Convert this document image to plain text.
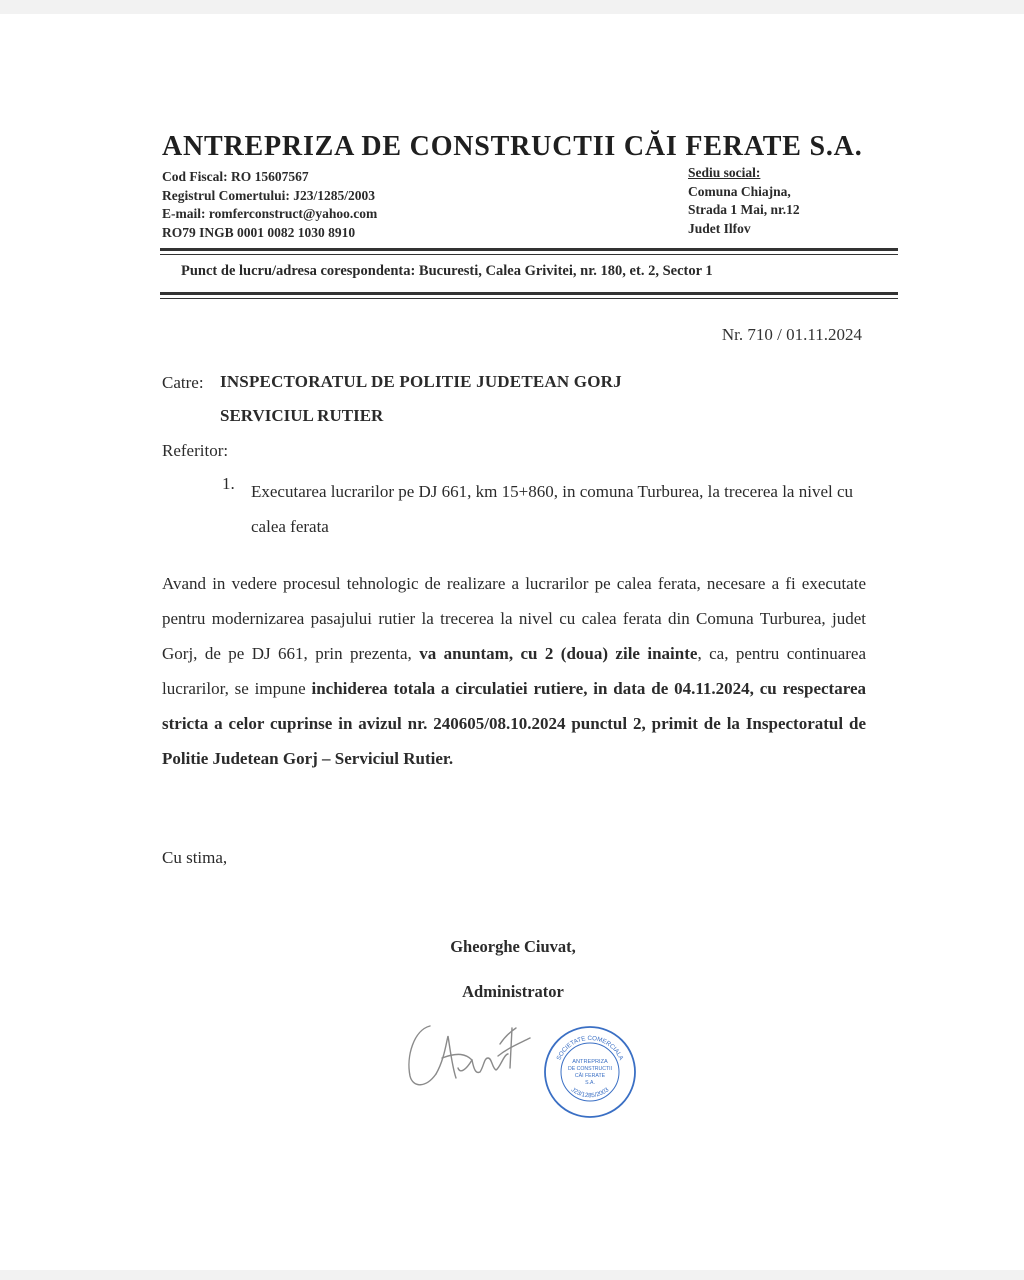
ANTREPRIZA DE CONSTRUCTII CĂI FERATE S.A.
Cod Fiscal: RO 15607567
Registrul Comertului: J23/1285/2003
E-mail: romferconstruct@yahoo.com
RO79 INGB 0001 0082 1030 8910
Sediu social:
Comuna Chiajna,
Strada 1 Mai, nr.12
Judet Ilfov
Punct de lucru/adresa corespondenta: Bucuresti, Calea Grivitei, nr. 180, et. 2, Sector 1
Nr. 710 / 01.11.2024
Catre: INSPECTORATUL DE POLITIE JUDETEAN GORJ
SERVICIUL RUTIER
Referitor:
1. Executarea lucrarilor pe DJ 661, km 15+860, in comuna Turburea, la trecerea la nivel cu calea ferata
Avand in vedere procesul tehnologic de realizare a lucrarilor pe calea ferata, necesare a fi executate pentru modernizarea pasajului rutier la trecerea la nivel cu calea ferata din Comuna Turburea, judet Gorj, de pe DJ 661, prin prezenta, va anuntam, cu 2 (doua) zile inainte, ca, pentru continuarea lucrarilor, se impune inchiderea totala a circulatiei rutiere, in data de 04.11.2024, cu respectarea stricta a celor cuprinse in avizul nr. 240605/08.10.2024 punctul 2, primit de la Inspectoratul de Politie Judetean Gorj – Serviciul Rutier.
Cu stima,
Gheorghe Ciuvat,
Administrator
SOCIETATE COMERCIALA
ANTREPRIZA
DE CONSTRUCTII
CĂI FERATE
S.A.
J23/1285/2003
